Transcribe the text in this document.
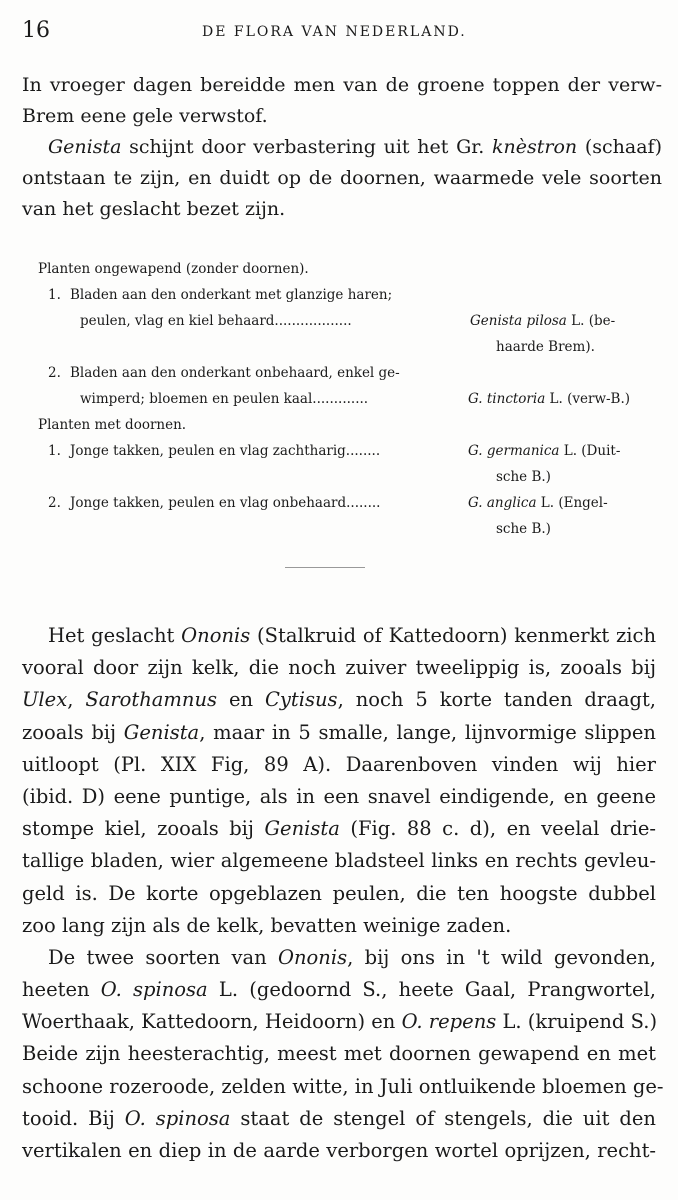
16	DE FLORA VAN NEDERLAND.
In vroeger dagen bereidde men van de groene toppen der verw-
Brem eene gele verwstof.
Genista schijnt door verbastering uit het Gr. knèstron (schaaf)
ontstaan te zijn, en duidt op de doornen, waarmede vele soorten
van het geslacht bezet zijn.
Planten ongewapend (zonder doornen).
1. Bladen aan den onderkant met glanzige haren;
peulen, vlag en kiel behaard..................	Genista pilosa L. (be-
haarde Brem).
2. Bladen aan den onderkant onbehaard, enkel ge-
wimperd; bloemen en peulen kaal.............	G. tinctoria L. (verw-B.)
Planten met doornen.
1. Jonge takken, peulen en vlag zachtharig........	G. germanica L. (Duit-
sche B.)
2. Jonge takken, peulen en vlag onbehaard........	G. anglica L. (Engel-
sche B.)
Het geslacht Ononis (Stalkruid of Kattedoorn) kenmerkt zich
vooral door zijn kelk, die noch zuiver tweelippig is, zooals bij
Ulex, Sarothamnus en Cytisus, noch 5 korte tanden draagt,
zooals bij Genista, maar in 5 smalle, lange, lijnvormige slippen
uitloopt (Pl. XIX Fig, 89 A). Daarenboven vinden wij hier
(ibid. D) eene puntige, als in een snavel eindigende, en geene
stompe kiel, zooals bij Genista (Fig. 88 c. d), en veelal drie-
tallige bladen, wier algemeene bladsteel links en rechts gevleu-
geld is. De korte opgeblazen peulen, die ten hoogste dubbel
zoo lang zijn als de kelk, bevatten weinige zaden.
De twee soorten van Ononis, bij ons in 't wild gevonden,
heeten O. spinosa L. (gedoornd S., heete Gaal, Prangwortel,
Woerthaak, Kattedoorn, Heidoorn) en O. repens L. (kruipend S.)
Beide zijn heesterachtig, meest met doornen gewapend en met
schoone rozeroode, zelden witte, in Juli ontluikende bloemen ge-
tooid. Bij O. spinosa staat de stengel of stengels, die uit den
vertikalen en diep in de aarde verborgen wortel oprijzen, recht-
